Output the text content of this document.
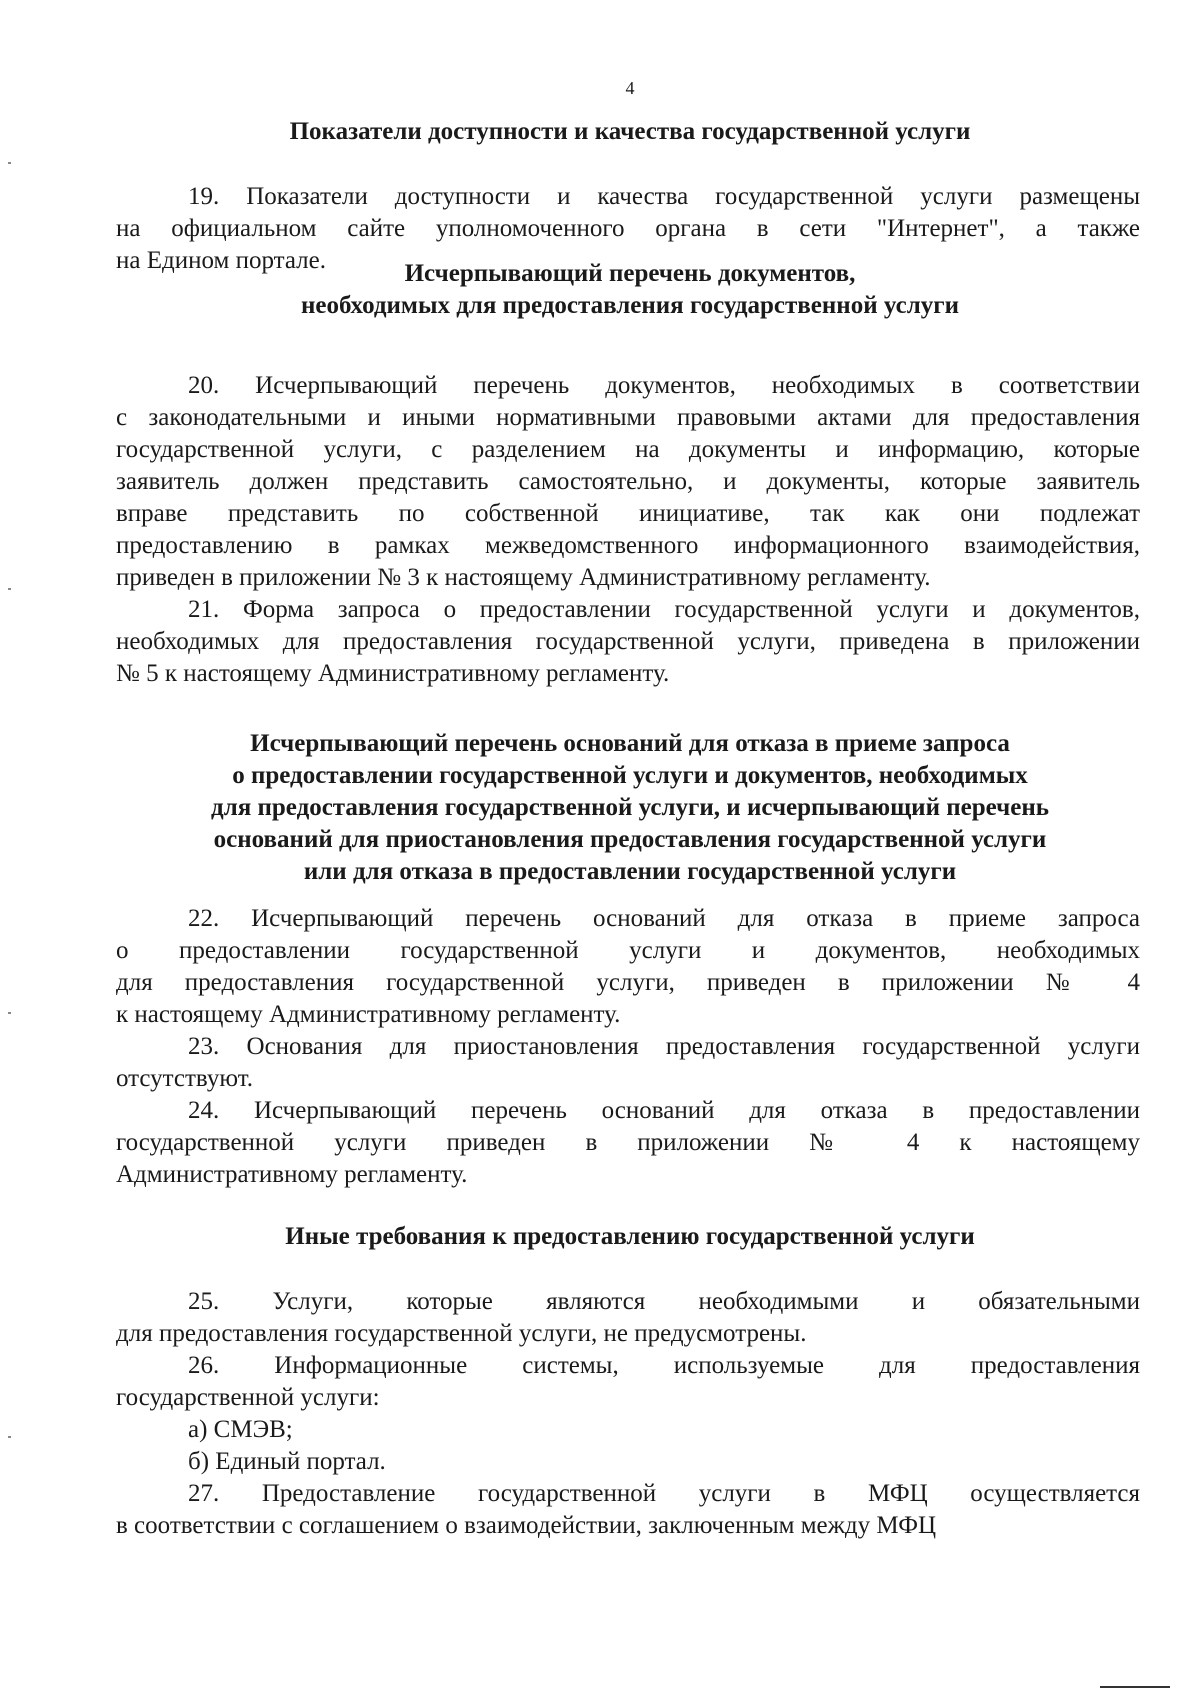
4
Показатели доступности и качества государственной услуги
19. Показатели доступности и качества государственной услуги размещены
на официальном сайте уполномоченного органа в сети "Интернет", а также
на Едином портале.	Исчерпывающий перечень документов,
необходимых для предоставления государственной услуги
20. Исчерпывающий перечень документов, необходимых в соответствии
с законодательными и иными нормативными правовыми актами для предоставления
государственной услуги, с разделением на документы и информацию, которые
заявитель должен представить самостоятельно, и документы, которые заявитель
вправе представить по собственной инициативе, так как они подлежат
предоставлению в рамках межведомственного информационного взаимодействия,
приведен в приложении № 3 к настоящему Административному регламенту.
21. Форма запроса о предоставлении государственной услуги и документов,
необходимых для предоставления государственной услуги, приведена в приложении
№ 5 к настоящему Административному регламенту.
Исчерпывающий перечень оснований для отказа в приеме запроса
о предоставлении государственной услуги и документов, необходимых
для предоставления государственной услуги, и исчерпывающий перечень
оснований для приостановления предоставления государственной услуги
или для отказа в предоставлении государственной услуги
22. Исчерпывающий перечень оснований для отказа в приеме запроса
о предоставлении государственной услуги и документов, необходимых
для предоставления государственной услуги, приведен в приложении № 4
к настоящему Административному регламенту.
23. Основания для приостановления предоставления государственной услуги
отсутствуют.
24. Исчерпывающий перечень оснований для отказа в предоставлении
государственной услуги приведен в приложении № 4 к настоящему
Административному регламенту.
Иные требования к предоставлению государственной услуги
25. Услуги, которые являются необходимыми и обязательными
для предоставления государственной услуги, не предусмотрены.
26. Информационные системы, используемые для предоставления
государственной услуги:
а) СМЭВ;
б) Единый портал.
27. Предоставление государственной услуги в МФЦ осуществляется
в соответствии с соглашением о взаимодействии, заключенным между МФЦ
